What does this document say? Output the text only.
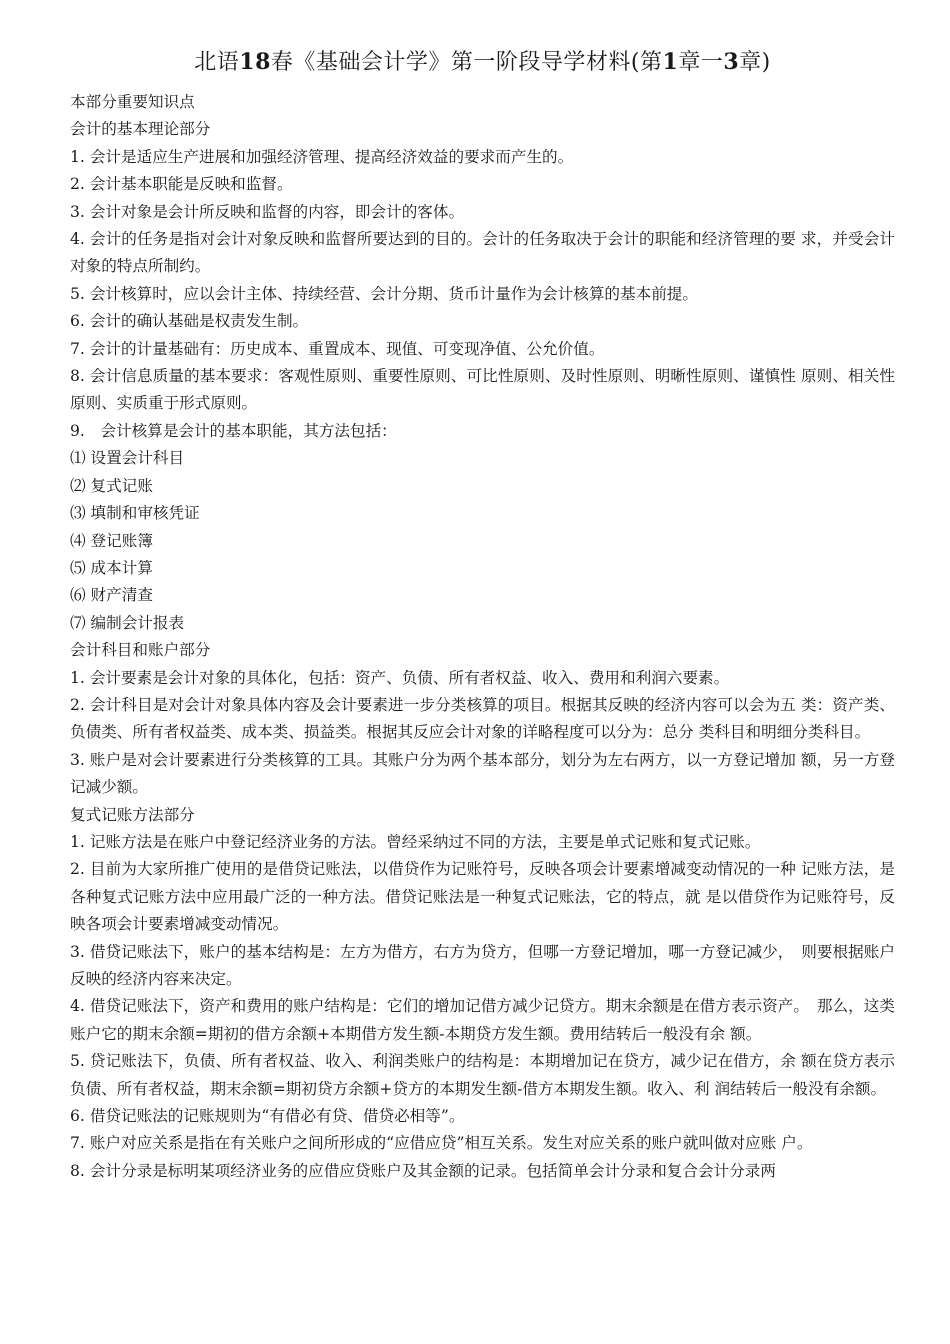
北语18春《基础会计学》第一阶段导学材料(第1章一3章)

本部分重要知识点

会计的基本理论部分

1. 会计是适应生产进展和加强经济管理、提高经济效益的要求而产生的。

2. 会计基本职能是反映和监督。

3. 会计对象是会计所反映和监督的内容，即会计的客体。

4. 会计的任务是指对会计对象反映和监督所要达到的目的。会计的任务取决于会计的职能和经济管理的要 求，并受会计对象的特点所制约。

5. 会计核算时，应以会计主体、持续经营、会计分期、货币计量作为会计核算的基本前提。

6. 会计的确认基础是权责发生制。

7. 会计的计量基础有：历史成本、重置成本、现值、可变现净值、公允价值。

8. 会计信息质量的基本要求：客观性原则、重要性原则、可比性原则、及时性原则、明晰性原则、谨慎性 原则、相关性原则、实质重于形式原则。

9.　会计核算是会计的基本职能，其方法包括：

⑴ 设置会计科目

⑵ 复式记账

⑶ 填制和审核凭证

⑷ 登记账簿

⑸ 成本计算

⑹ 财产清查

⑺ 编制会计报表

会计科目和账户部分

1. 会计要素是会计对象的具体化，包括：资产、负债、所有者权益、收入、费用和利润六要素。

2. 会计科目是对会计对象具体内容及会计要素进一步分类核算的项目。根据其反映的经济内容可以会为五 类：资产类、负债类、所有者权益类、成本类、损益类。根据其反应会计对象的详略程度可以分为：总分 类科目和明细分类科目。

3. 账户是对会计要素进行分类核算的工具。其账户分为两个基本部分，划分为左右两方，以一方登记增加 额，另一方登记减少额。

复式记账方法部分

1. 记账方法是在账户中登记经济业务的方法。曾经采纳过不同的方法，主要是单式记账和复式记账。

2. 目前为大家所推广使用的是借贷记账法，以借贷作为记账符号，反映各项会计要素增减变动情况的一种 记账方法，是各种复式记账方法中应用最广泛的一种方法。借贷记账法是一种复式记账法，它的特点，就 是以借贷作为记账符号，反映各项会计要素增减变动情况。

3. 借贷记账法下，账户的基本结构是：左方为借方，右方为贷方，但哪一方登记增加，哪一方登记减少，　则要根据账户反映的经济内容来决定。

4. 借贷记账法下，资产和费用的账户结构是：它们的增加记借方减少记贷方。期末余额是在借方表示资产。　那么，这类账户它的期末余额=期初的借方余额+本期借方发生额-本期贷方发生额。费用结转后一般没有余 额。

5. 贷记账法下，负债、所有者权益、收入、利润类账户的结构是：本期增加记在贷方，减少记在借方，余 额在贷方表示负债、所有者权益，期末余额=期初贷方余额+贷方的本期发生额-借方本期发生额。收入、利 润结转后一般没有余额。

6. 借贷记账法的记账规则为“有借必有贷、借贷必相等”。

7. 账户对应关系是指在有关账户之间所形成的“应借应贷”相互关系。发生对应关系的账户就叫做对应账 户。

8. 会计分录是标明某项经济业务的应借应贷账户及其金额的记录。包括简单会计分录和复合会计分录两
